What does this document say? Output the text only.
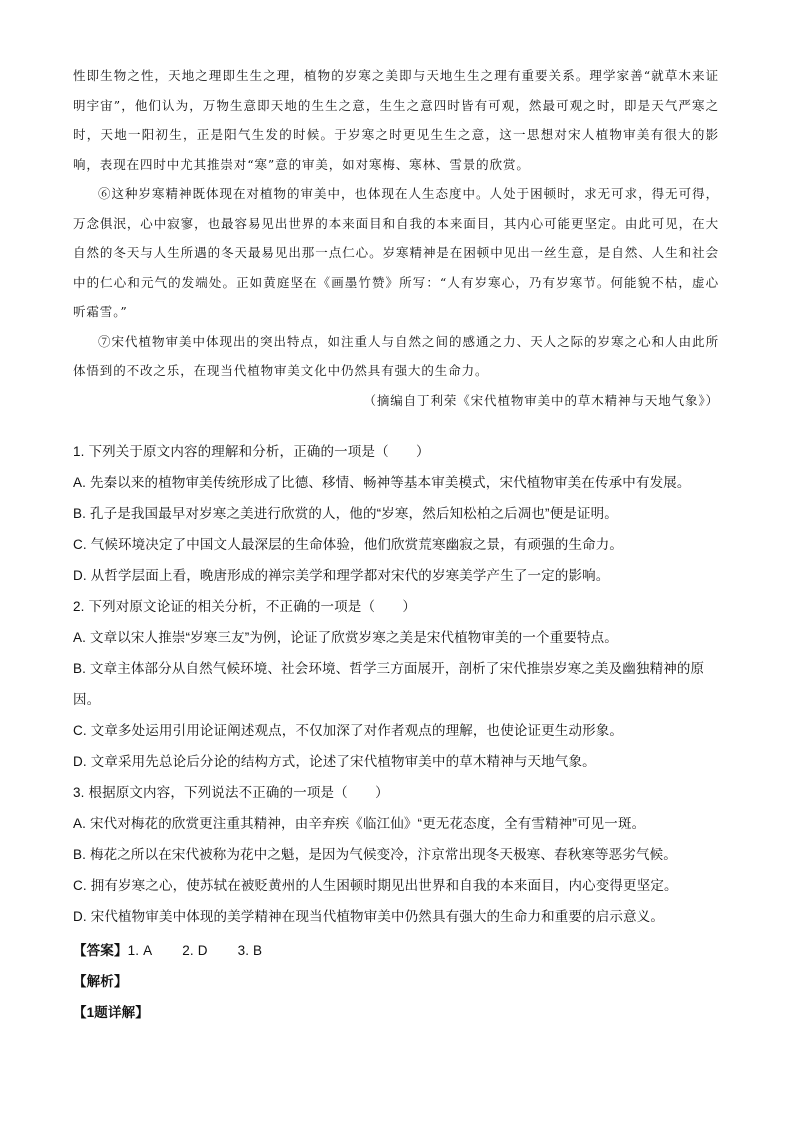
性即生物之性，天地之理即生生之理，植物的岁寒之美即与天地生生之理有重要关系。理学家善“就草木来证明宇宙”，他们认为，万物生意即天地的生生之意，生生之意四时皆有可观，然最可观之时，即是天气严寒之时，天地一阳初生，正是阳气生发的时候。于岁寒之时更见生生之意，这一思想对宋人植物审美有很大的影响，表现在四时中尤其推崇对“寒”意的审美，如对寒梅、寒林、雪景的欣赏。

⑥这种岁寒精神既体现在对植物的审美中，也体现在人生态度中。人处于困顿时，求无可求，得无可得，万念俱泯，心中寂寥，也最容易见出世界的本来面目和自我的本来面目，其内心可能更坚定。由此可见，在大自然的冬天与人生所遇的冬天最易见出那一点仁心。岁寒精神是在困顿中见出一丝生意，是自然、人生和社会中的仁心和元气的发端处。正如黄庭坚在《画墨竹赞》所写：“人有岁寒心，乃有岁寒节。何能貌不枯，虚心听霜雪。”

⑦宋代植物审美中体现出的突出特点，如注重人与自然之间的感通之力、天人之际的岁寒之心和人由此所体悟到的不改之乐，在现当代植物审美文化中仍然具有强大的生命力。

（摘编自丁利荣《宋代植物审美中的草木精神与天地气象》）

1. 下列关于原文内容的理解和分析，正确的一项是（　　）

A. 先秦以来的植物审美传统形成了比德、移情、畅神等基本审美模式，宋代植物审美在传承中有发展。

B. 孔子是我国最早对岁寒之美进行欣赏的人，他的“岁寒，然后知松柏之后凋也”便是证明。

C. 气候环境决定了中国文人最深层的生命体验，他们欣赏荒寒幽寂之景，有顽强的生命力。

D. 从哲学层面上看，晚唐形成的禅宗美学和理学都对宋代的岁寒美学产生了一定的影响。

2. 下列对原文论证的相关分析，不正确的一项是（　　）

A. 文章以宋人推崇“岁寒三友”为例，论证了欣赏岁寒之美是宋代植物审美的一个重要特点。

B. 文章主体部分从自然气候环境、社会环境、哲学三方面展开，剖析了宋代推崇岁寒之美及幽独精神的原因。

C. 文章多处运用引用论证阐述观点，不仅加深了对作者观点的理解，也使论证更生动形象。

D. 文章采用先总论后分论的结构方式，论述了宋代植物审美中的草木精神与天地气象。

3. 根据原文内容，下列说法不正确的一项是（　　）

A. 宋代对梅花的欣赏更注重其精神，由辛弃疾《临江仙》“更无花态度，全有雪精神”可见一斑。

B. 梅花之所以在宋代被称为花中之魁，是因为气候变冷，汴京常出现冬天极寒、春秋寒等恶劣气候。

C. 拥有岁寒之心，使苏轼在被贬黄州的人生困顿时期见出世界和自我的本来面目，内心变得更坚定。

D. 宋代植物审美中体现的美学精神在现当代植物审美中仍然具有强大的生命力和重要的启示意义。

【答案】1. A 2. D 3. B

【解析】

【1题详解】
